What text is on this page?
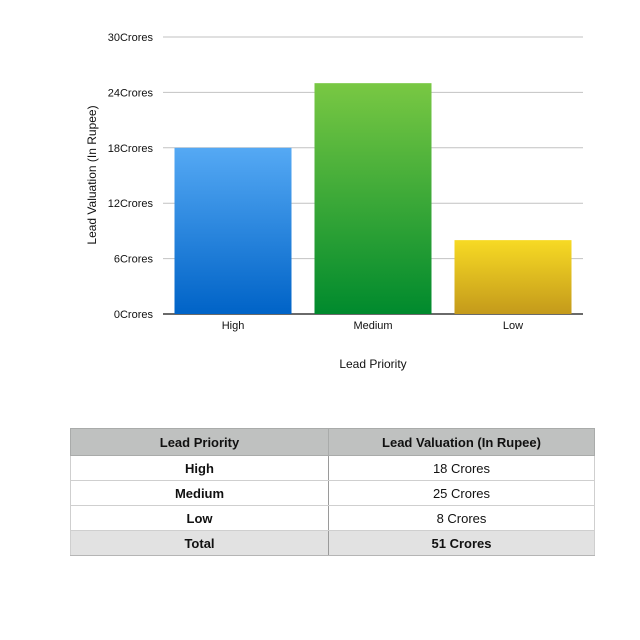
0Crores
6Crores
12Crores
18Crores
24Crores
30Crores
High	Medium	Low
Lead Priority
Lead Valuation (In Rupee)
Lead Priority	Lead Valuation (In Rupee)
High	18 Crores
Medium	25 Crores
Low	8 Crores
Total	51 Crores
